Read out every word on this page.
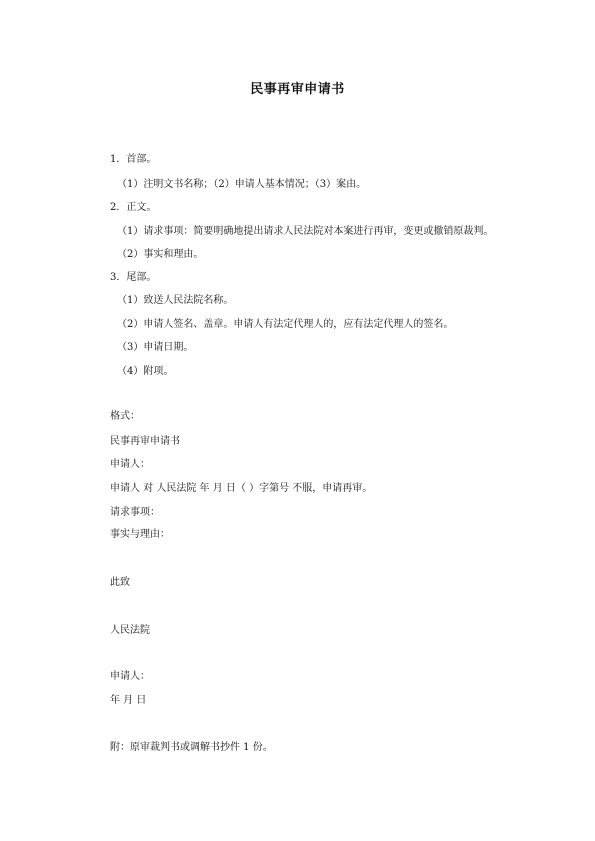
民事再审申请书
1．首部。
（1）注明文书名称；（2）申请人基本情况；（3）案由。
2．正文。
（1）请求事项：简要明确地提出请求人民法院对本案进行再审，变更或撤销原裁判。
（2）事实和理由。
3．尾部。
（1）致送人民法院名称。
（2）申请人签名、盖章。申请人有法定代理人的，应有法定代理人的签名。
（3）申请日期。
（4）附项。
格式：
民事再审申请书
申请人：
申请人 对 人民法院 年 月 日（ ）字第号 不服，申请再审。
请求事项：
事实与理由：
此致
人民法院
申请人：
年 月 日
附：原审裁判书或调解书抄件 1 份。
